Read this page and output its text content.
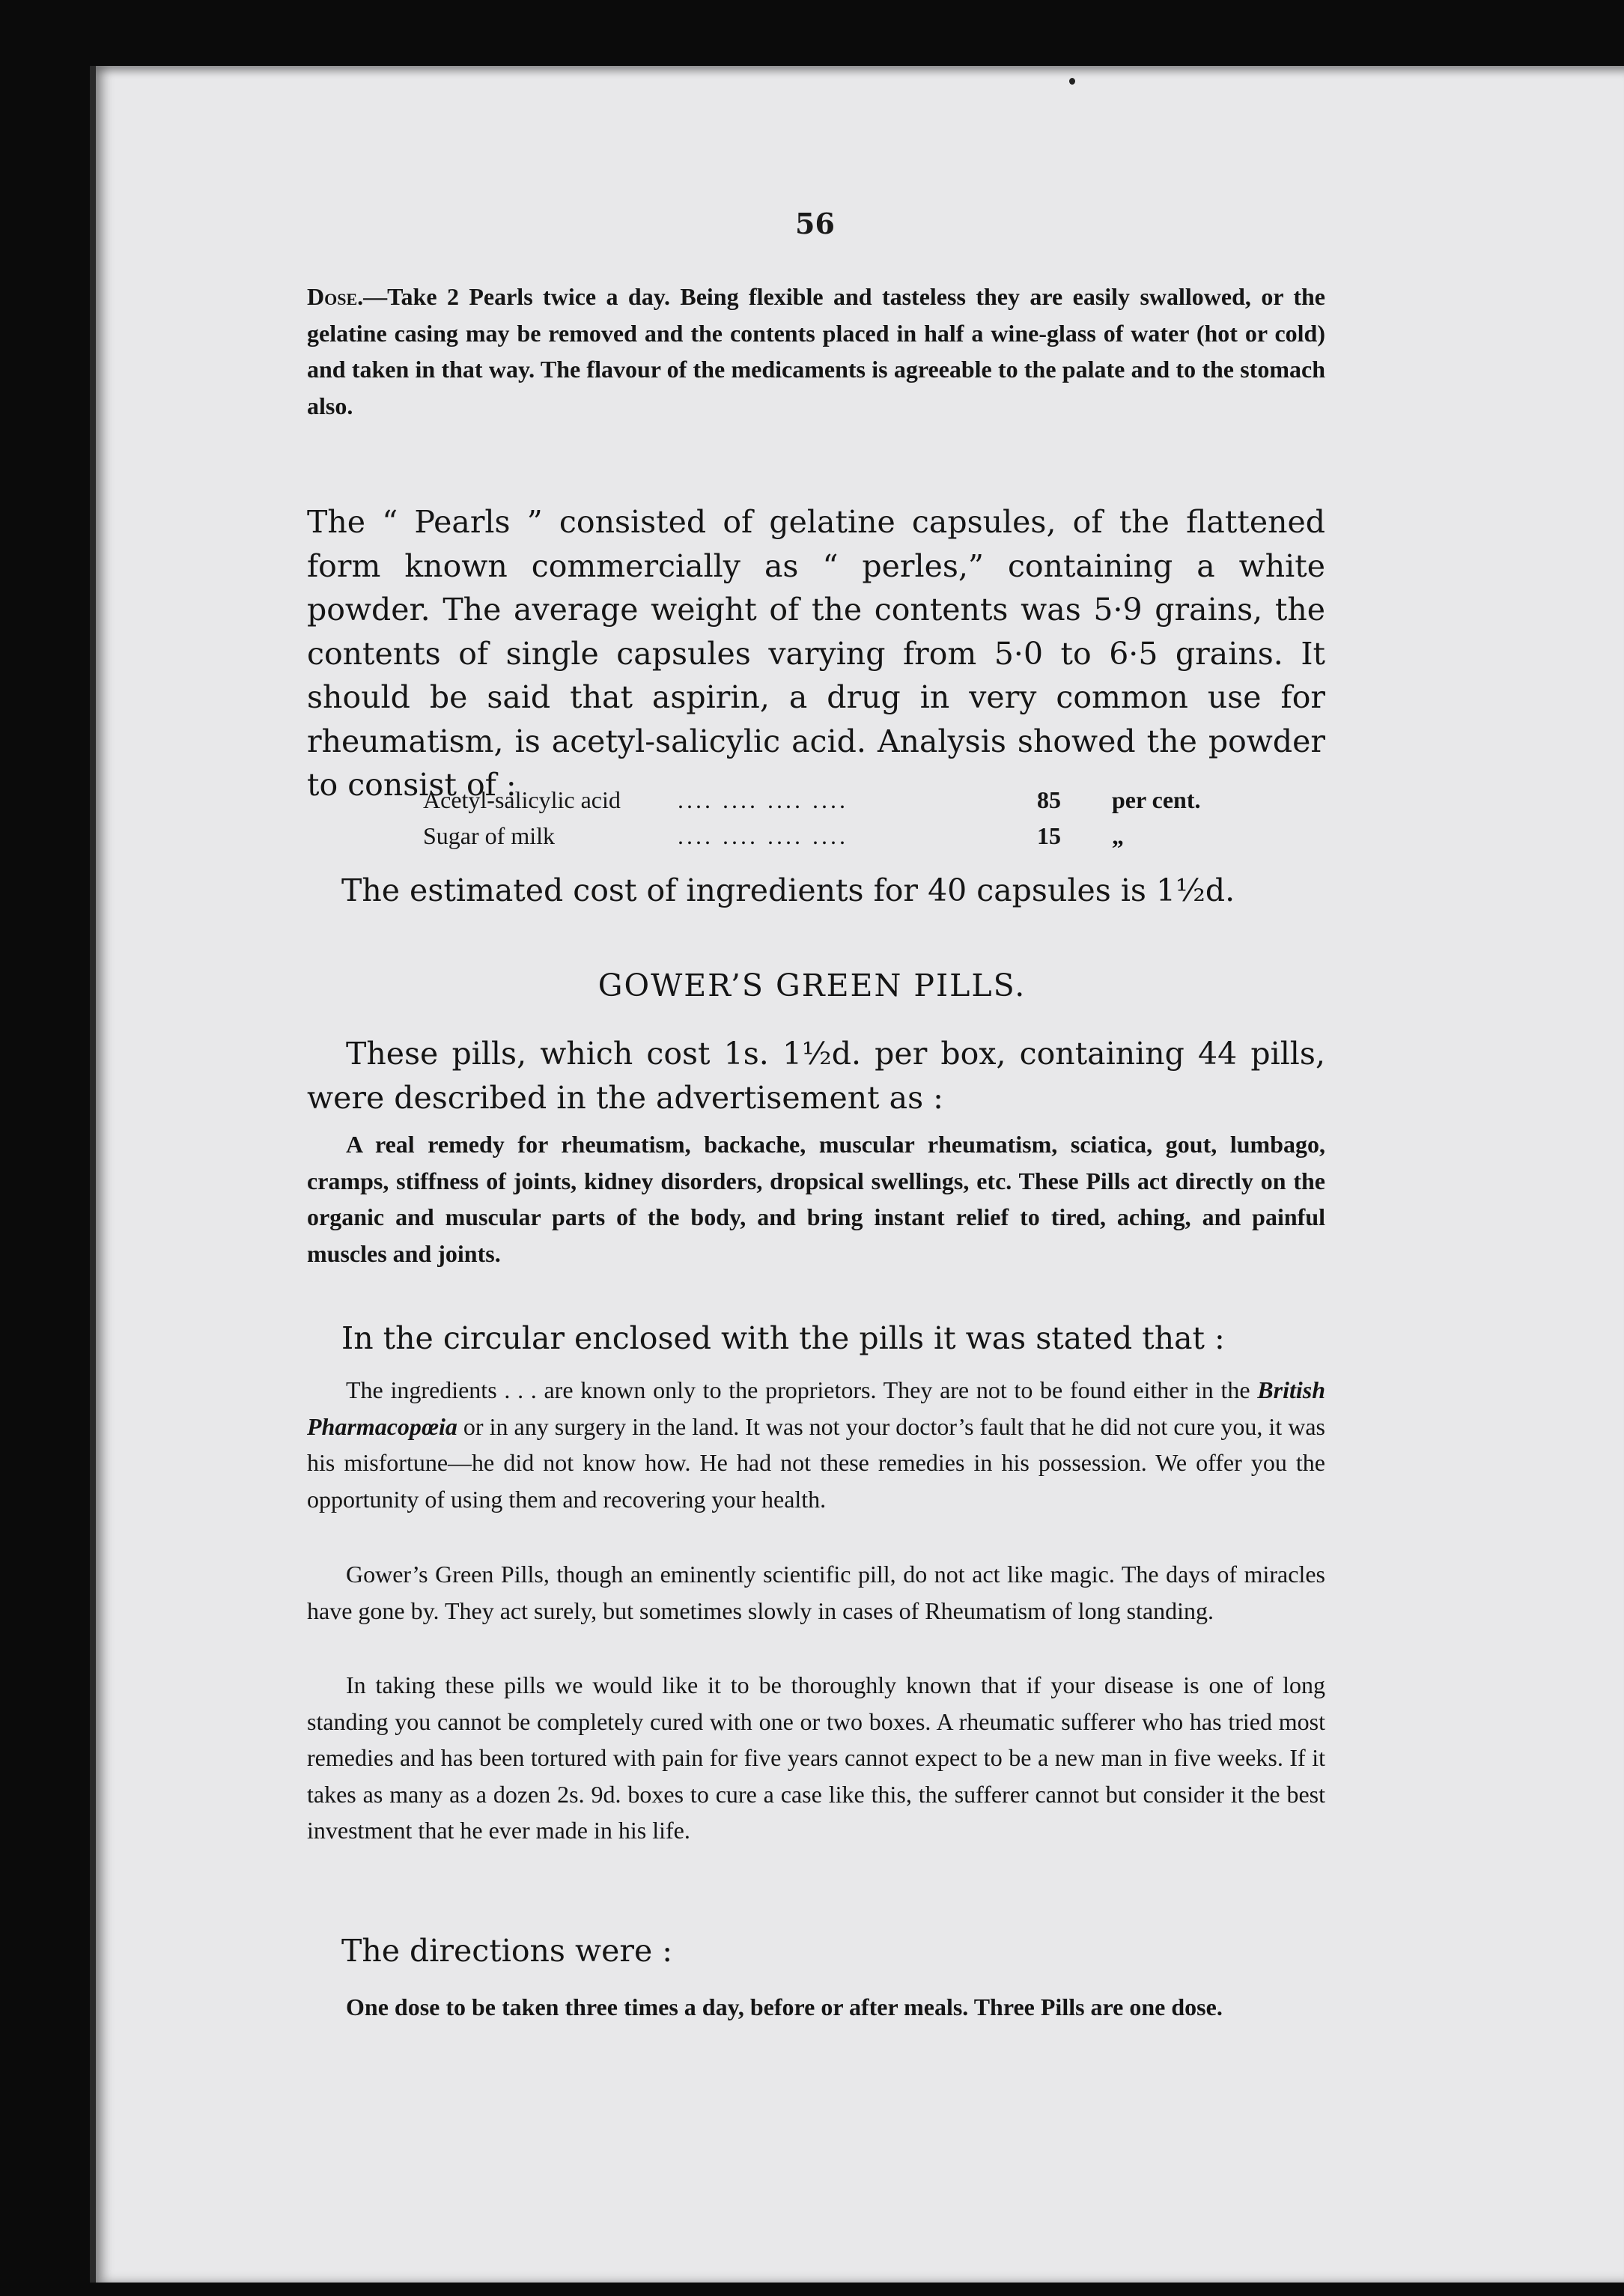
56
Dose.—Take 2 Pearls twice a day. Being flexible and tasteless they are easily swallowed, or the gelatine casing may be removed and the contents placed in half a wine-glass of water (hot or cold) and taken in that way. The flavour of the medicaments is agreeable to the palate and to the stomach also.
The “ Pearls ” consisted of gelatine capsules, of the flattened form known commercially as “ perles,” containing a white powder. The average weight of the contents was 5·9 grains, the contents of single capsules varying from 5·0 to 6·5 grains. It should be said that aspirin, a drug in very common use for rheumatism, is acetyl-salicylic acid. Analysis showed the powder to consist of :
Acetyl-salicylic acid	.... .... .... ....	85	per cent.
Sugar of milk	.... .... .... ....	15	„
The estimated cost of ingredients for 40 capsules is 1½d.
GOWER’S GREEN PILLS.
These pills, which cost 1s. 1½d. per box, containing 44 pills, were described in the advertisement as :
A real remedy for rheumatism, backache, muscular rheumatism, sciatica, gout, lumbago, cramps, stiffness of joints, kidney disorders, dropsical swellings, etc. These Pills act directly on the organic and muscular parts of the body, and bring instant relief to tired, aching, and painful muscles and joints.
In the circular enclosed with the pills it was stated that :
The ingredients . . . are known only to the proprietors. They are not to be found either in the British Pharmacopœia or in any surgery in the land. It was not your doctor’s fault that he did not cure you, it was his misfortune—he did not know how. He had not these remedies in his possession. We offer you the opportunity of using them and recovering your health.
Gower’s Green Pills, though an eminently scientific pill, do not act like magic. The days of miracles have gone by. They act surely, but sometimes slowly in cases of Rheumatism of long standing.
In taking these pills we would like it to be thoroughly known that if your disease is one of long standing you cannot be completely cured with one or two boxes. A rheumatic sufferer who has tried most remedies and has been tortured with pain for five years cannot expect to be a new man in five weeks. If it takes as many as a dozen 2s. 9d. boxes to cure a case like this, the sufferer cannot but consider it the best investment that he ever made in his life.
The directions were :
One dose to be taken three times a day, before or after meals. Three Pills are one dose.
